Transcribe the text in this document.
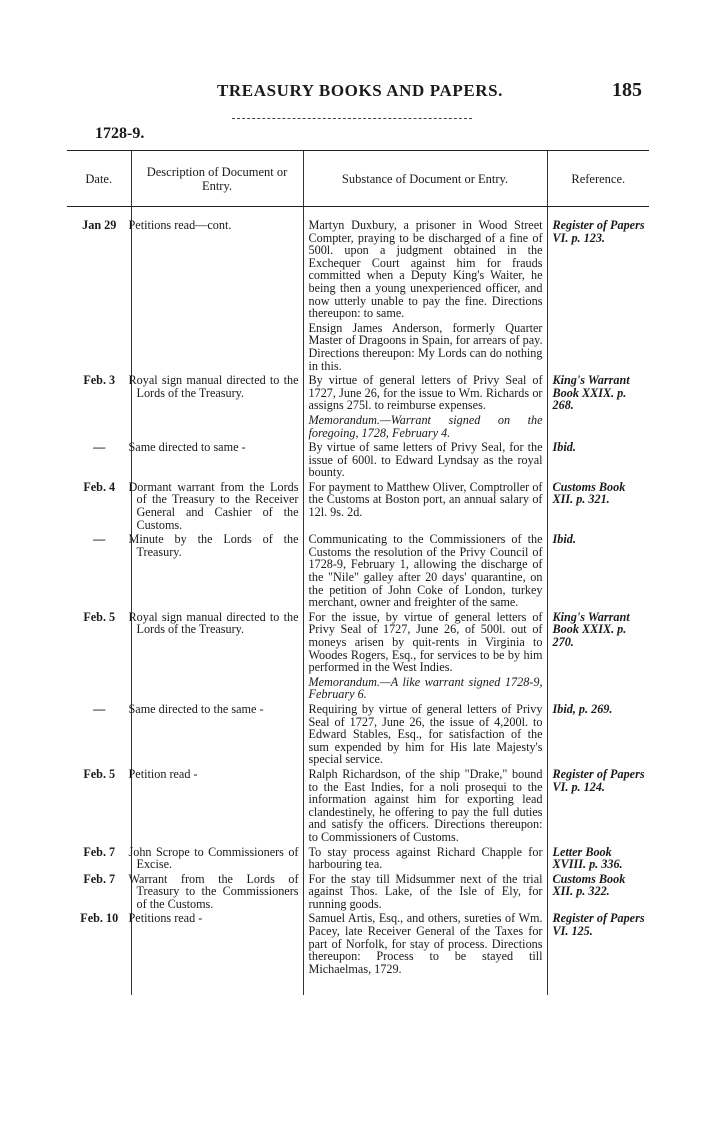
TREASURY BOOKS AND PAPERS.	185
1728-9.
Date.	Description of Document or Entry.	Substance of Document or Entry.	Reference.

Jan 29	Petitions read—cont.	Martyn Duxbury, a prisoner in Wood Street Compter, praying to be discharged of a fine of 500l. upon a judgment obtained in the Exchequer Court against him for frauds committed when a Deputy King's Waiter, he being then a young unexperienced officer, and now utterly unable to pay the fine. Directions thereupon: to same.	Register of Papers VI. p. 123.
		Ensign James Anderson, formerly Quarter Master of Dragoons in Spain, for arrears of pay. Directions thereupon: My Lords can do nothing in this.	
Feb. 3	Royal sign manual directed to the Lords of the Treasury.	By virtue of general letters of Privy Seal of 1727, June 26, for the issue to Wm. Richards or assigns 275l. to reimburse expenses.	King's Warrant Book XXIX. p. 268.
		Memorandum.—Warrant signed on the foregoing, 1728, February 4.	
—	Same directed to same -	By virtue of same letters of Privy Seal, for the issue of 600l. to Edward Lyndsay as the royal bounty.	Ibid.
Feb. 4	Dormant warrant from the Lords of the Treasury to the Receiver General and Cashier of the Customs.	For payment to Matthew Oliver, Comptroller of the Customs at Boston port, an annual salary of 12l. 9s. 2d.	Customs Book XII. p. 321.
—	Minute by the Lords of the Treasury.	Communicating to the Commissioners of the Customs the resolution of the Privy Council of 1728-9, February 1, allowing the discharge of the "Nile" galley after 20 days' quarantine, on the petition of John Coke of London, turkey merchant, owner and freighter of the same.	Ibid.
Feb. 5	Royal sign manual directed to the Lords of the Treasury.	For the issue, by virtue of general letters of Privy Seal of 1727, June 26, of 500l. out of moneys arisen by quit-rents in Virginia to Woodes Rogers, Esq., for services to be by him performed in the West Indies.	King's Warrant Book XXIX. p. 270.
		Memorandum.—A like warrant signed 1728-9, February 6.	
—	Same directed to the same -	Requiring by virtue of general letters of Privy Seal of 1727, June 26, the issue of 4,200l. to Edward Stables, Esq., for satisfaction of the sum expended by him for His late Majesty's special service.	Ibid, p. 269.
Feb. 5	Petition read -	Ralph Richardson, of the ship "Drake," bound to the East Indies, for a noli prosequi to the information against him for exporting lead clandestinely, he offering to pay the full duties and satisfy the officers. Directions thereupon: to Commissioners of Customs.	Register of Papers VI. p. 124.
Feb. 7	John Scrope to Commissioners of Excise.	To stay process against Richard Chapple for harbouring tea.	Letter Book XVIII. p. 336.
Feb. 7	Warrant from the Lords of Treasury to the Commissioners of the Customs.	For the stay till Midsummer next of the trial against Thos. Lake, of the Isle of Ely, for running goods.	Customs Book XII. p. 322.
Feb. 10	Petitions read -	Samuel Artis, Esq., and others, sureties of Wm. Pacey, late Receiver General of the Taxes for part of Norfolk, for stay of process. Directions thereupon: Process to be stayed till Michaelmas, 1729.	Register of Papers VI. 125.
